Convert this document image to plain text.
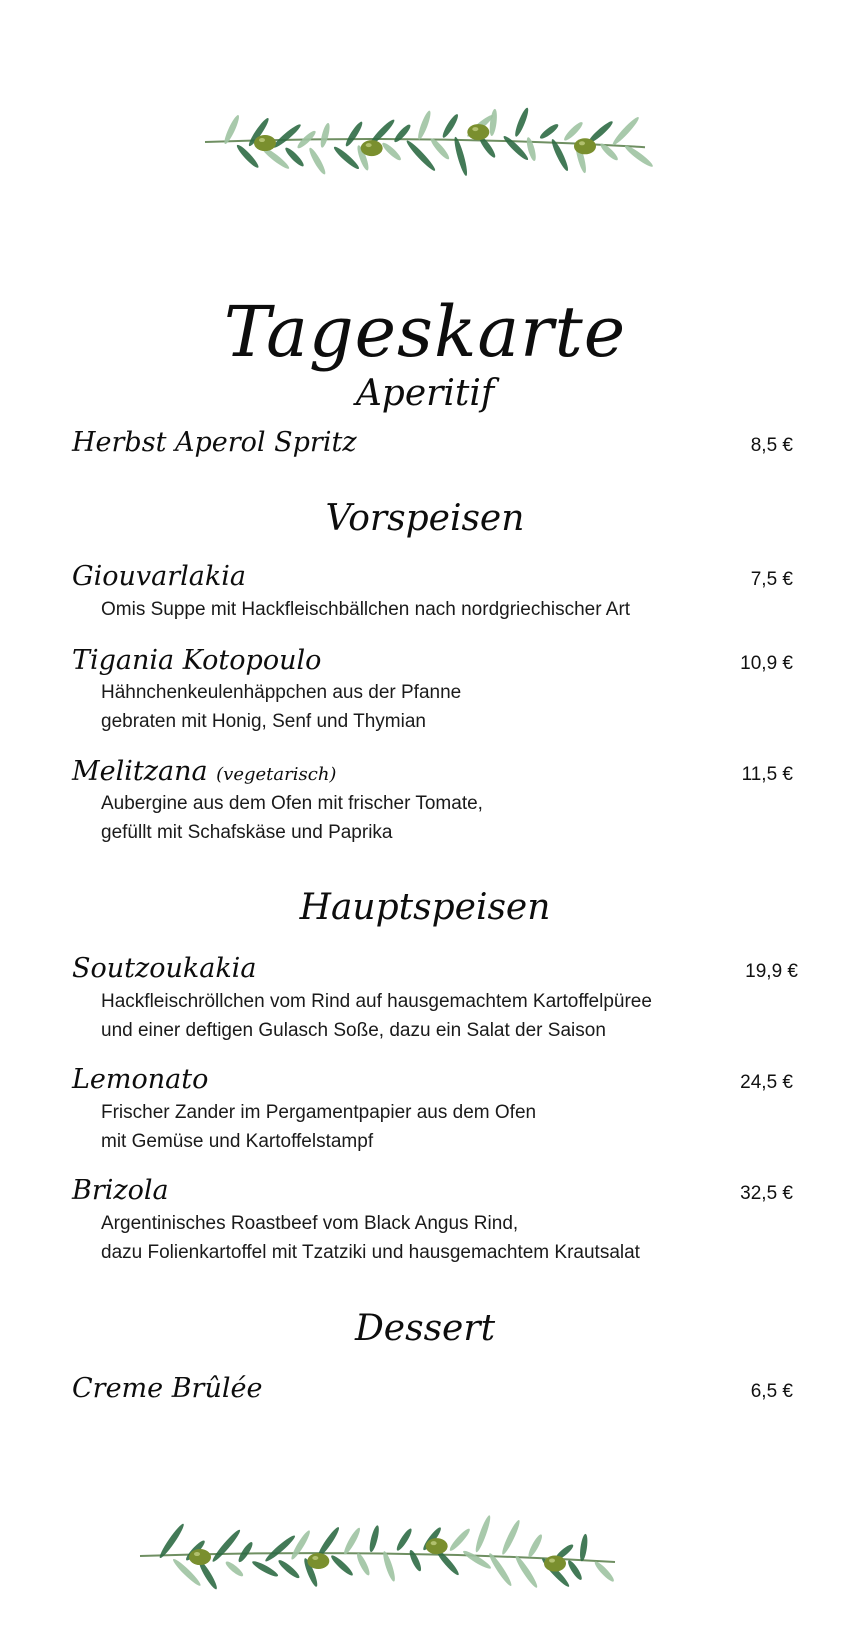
Tageskarte
Aperitif
Herbst Aperol Spritz	8,5 €
Vorspeisen
Giouvarlakia	7,5 €
Omis Suppe mit Hackfleischbällchen nach nordgriechischer Art
Tigania Kotopoulo	10,9 €
Hähnchenkeulenhäppchen aus der Pfanne
gebraten mit Honig, Senf und Thymian
Melitzana (vegetarisch)	11,5 €
Aubergine aus dem Ofen mit frischer Tomate,
gefüllt mit Schafskäse und Paprika
Hauptspeisen
Soutzoukakia	19,9 €
Hackfleischröllchen vom Rind auf hausgemachtem Kartoffelpüree
und einer deftigen Gulasch Soße, dazu ein Salat der Saison
Lemonato	24,5 €
Frischer Zander im Pergamentpapier aus dem Ofen
mit Gemüse und Kartoffelstampf
Brizola	32,5 €
Argentinisches Roastbeef vom Black Angus Rind,
dazu Folienkartoffel mit Tzatziki und hausgemachtem Krautsalat
Dessert
Creme Brûlée	6,5 €
